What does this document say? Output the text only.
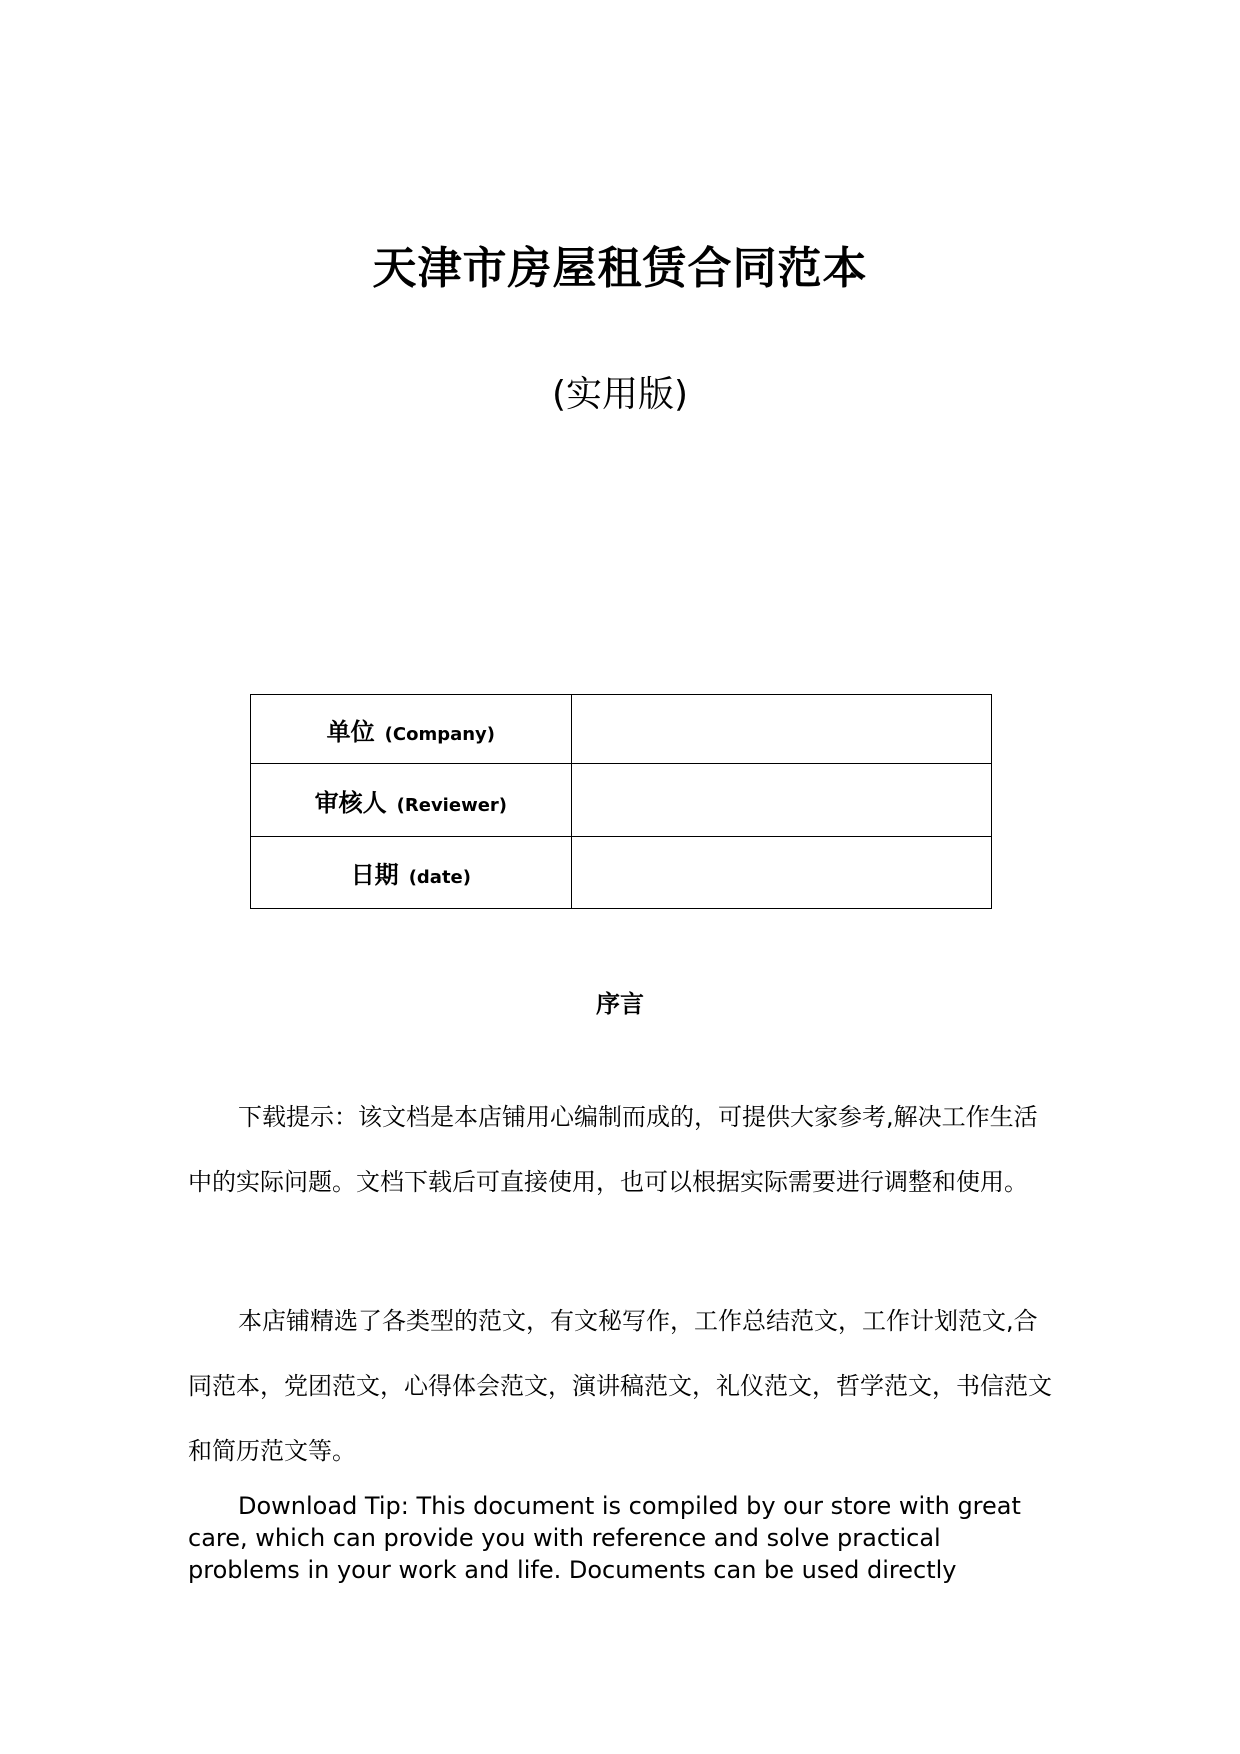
天津市房屋租赁合同范本
(实用版)
单位 (Company)	
审核人 (Reviewer)	
日期 (date)	
序言

下载提示：该文档是本店铺用心编制而成的，可提供大家参考,解决工作生活中的实际问题。文档下载后可直接使用，也可以根据实际需要进行调整和使用。

本店铺精选了各类型的范文，有文秘写作，工作总结范文，工作计划范文,合同范本，党团范文，心得体会范文，演讲稿范文，礼仪范文，哲学范文，书信范文和简历范文等。

Download Tip: This document is compiled by our store with great care, which can provide you with reference and solve practical problems in your work and life. Documents can be used directly
